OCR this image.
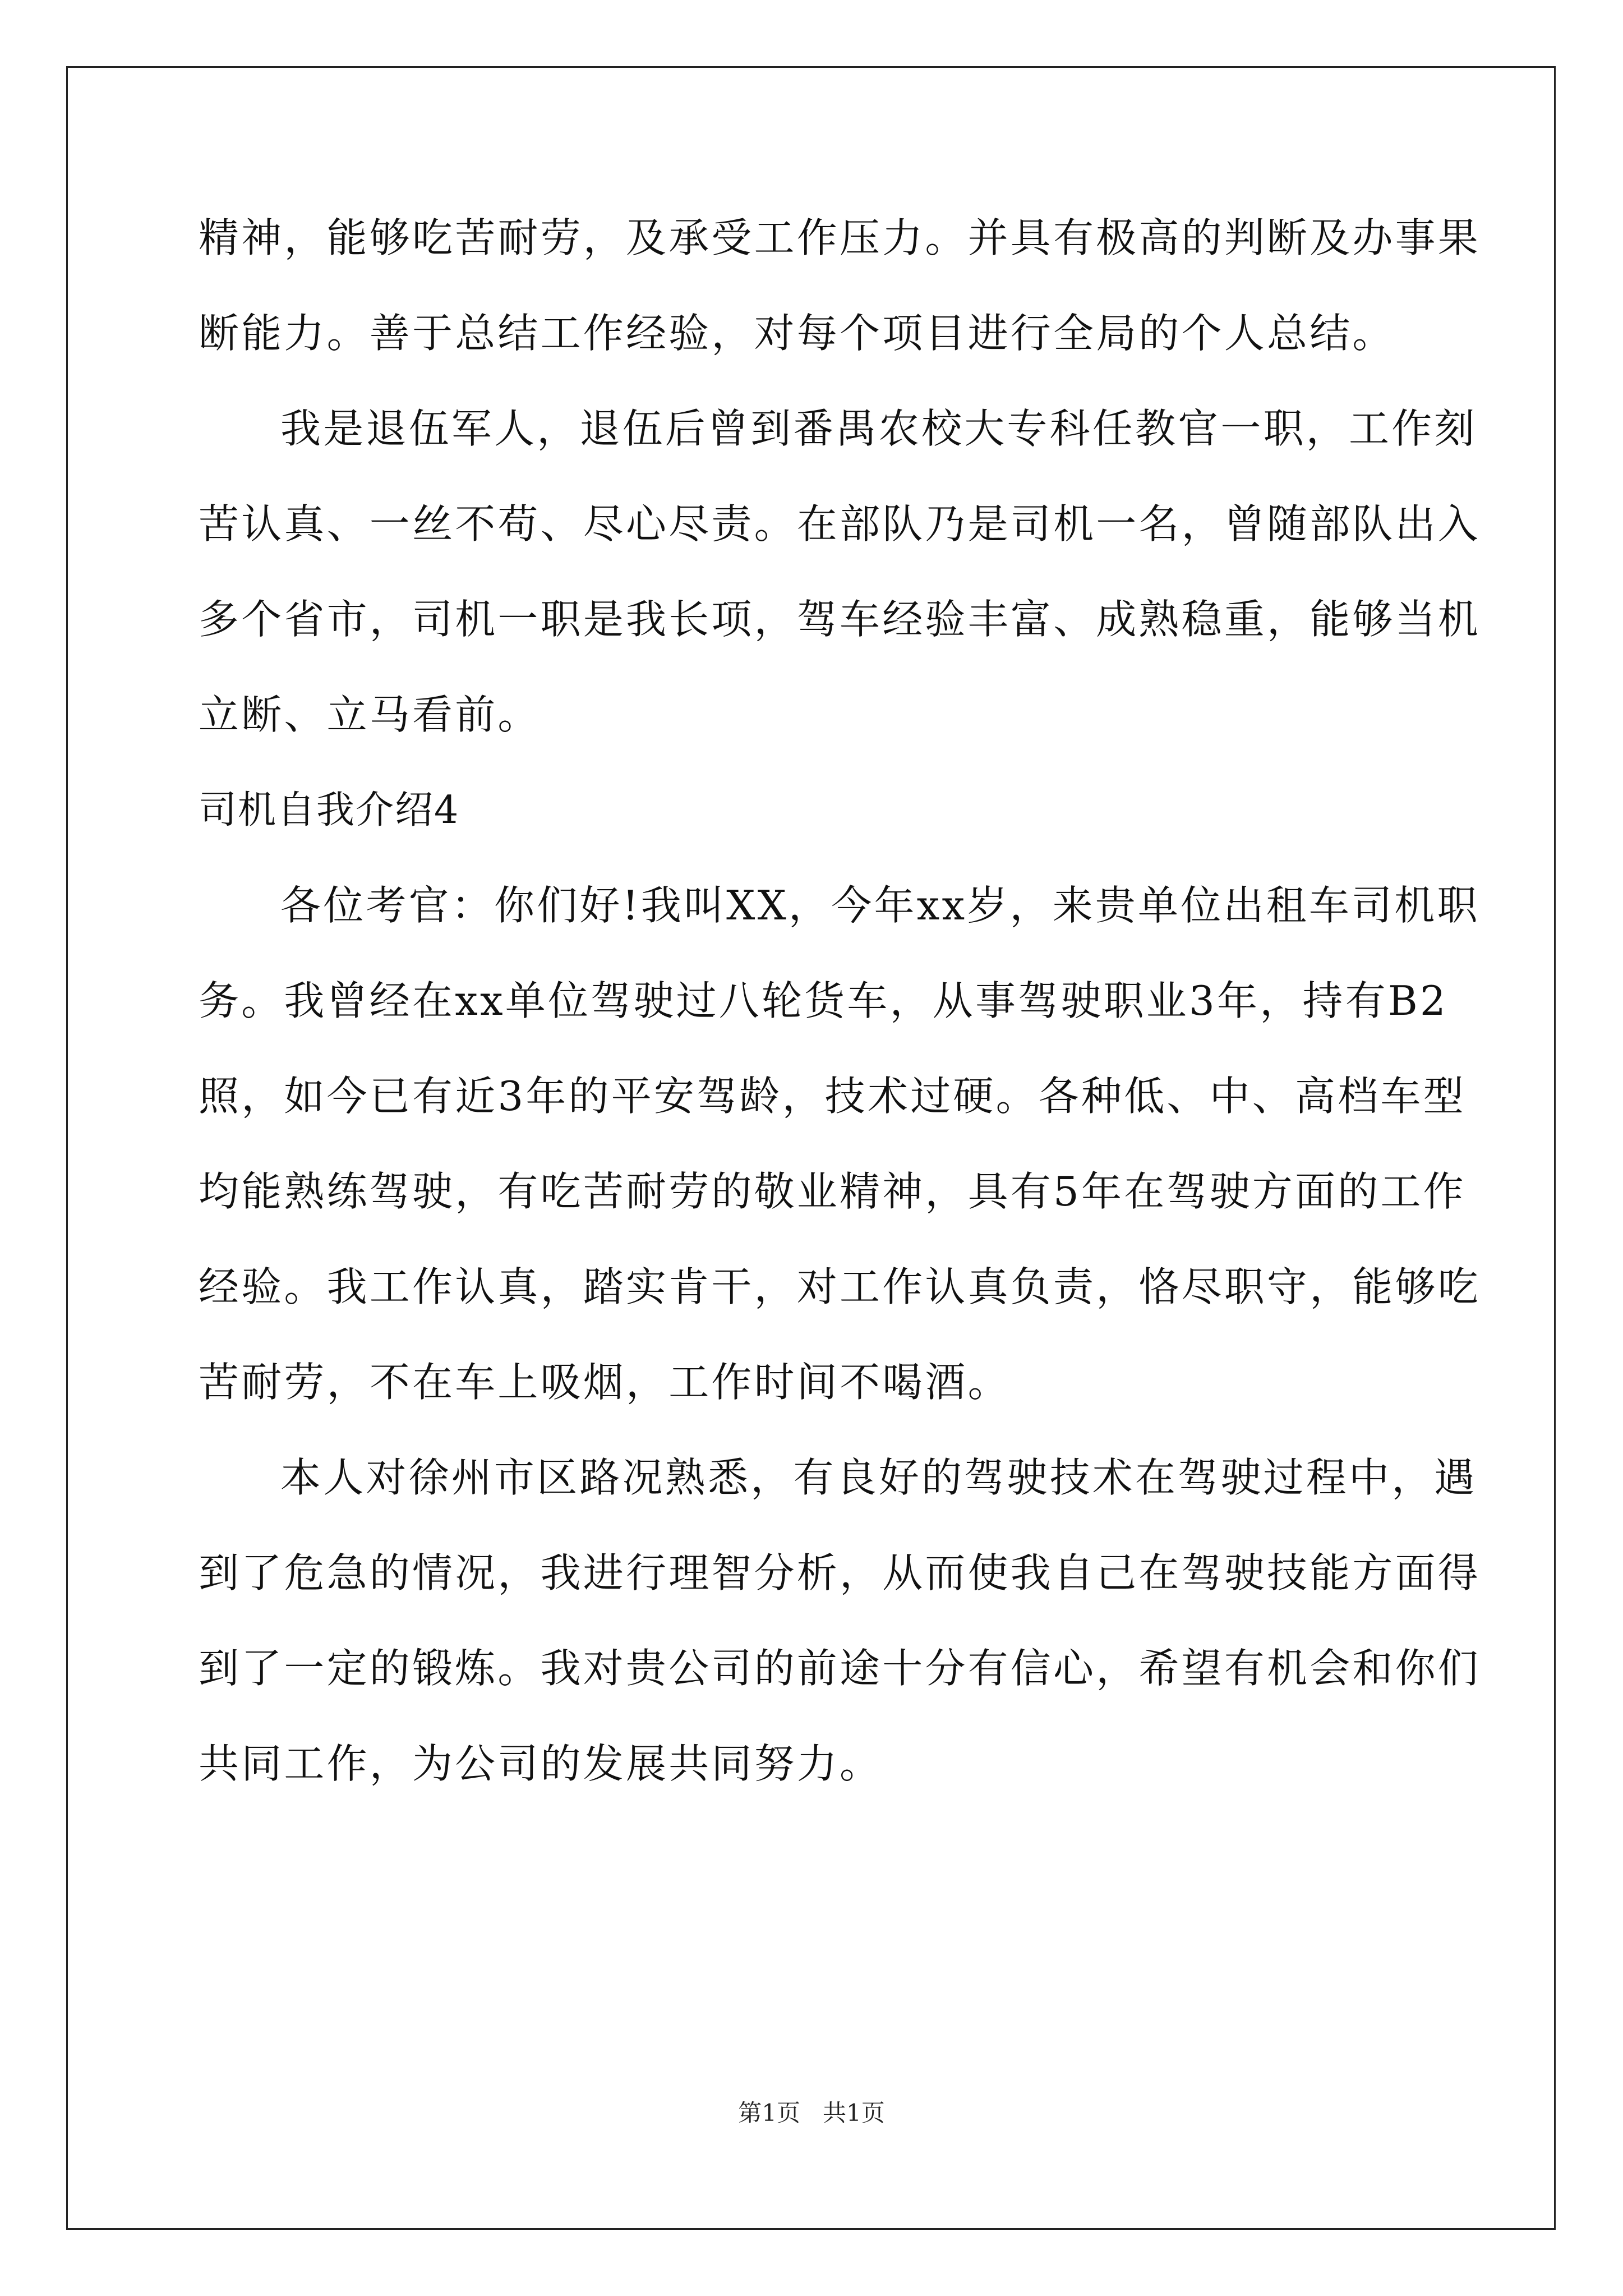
精神，能够吃苦耐劳，及承受工作压力。并具有极高的判断及办事果
断能力。善于总结工作经验，对每个项目进行全局的个人总结。
我是退伍军人，退伍后曾到番禺农校大专科任教官一职，工作刻
苦认真、一丝不苟、尽心尽责。在部队乃是司机一名，曾随部队出入
多个省市，司机一职是我长项，驾车经验丰富、成熟稳重，能够当机
立断、立马看前。
司机自我介绍4
各位考官：你们好!我叫XX，今年xx岁，来贵单位出租车司机职
务。我曾经在xx单位驾驶过八轮货车，从事驾驶职业3年，持有B2
照，如今已有近3年的平安驾龄，技术过硬。各种低、中、高档车型
均能熟练驾驶，有吃苦耐劳的敬业精神，具有5年在驾驶方面的工作
经验。我工作认真，踏实肯干，对工作认真负责，恪尽职守，能够吃
苦耐劳，不在车上吸烟，工作时间不喝酒。
本人对徐州市区路况熟悉，有良好的驾驶技术在驾驶过程中，遇
到了危急的情况，我进行理智分析，从而使我自己在驾驶技能方面得
到了一定的锻炼。我对贵公司的前途十分有信心，希望有机会和你们
共同工作，为公司的发展共同努力。
第1页   共1页
